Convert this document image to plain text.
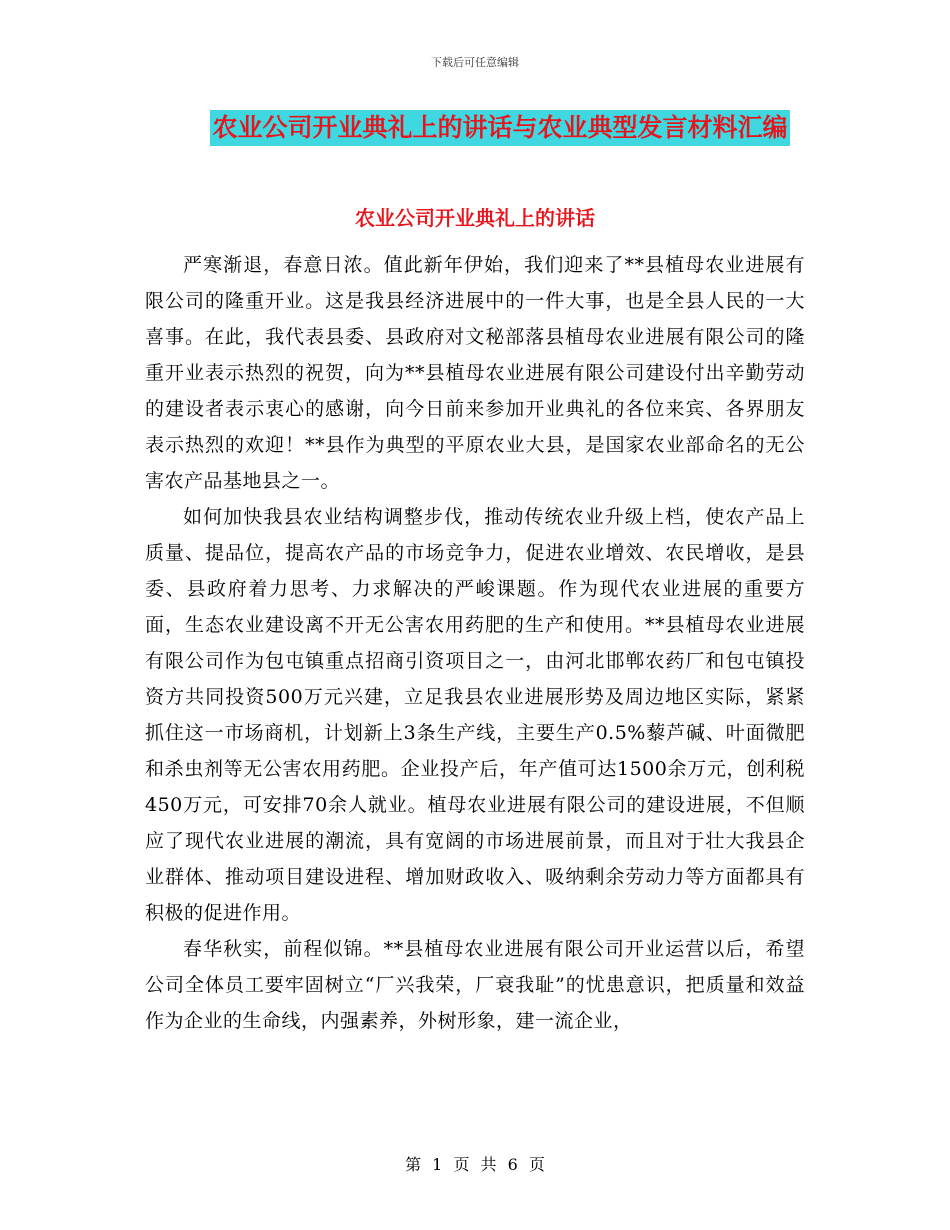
下载后可任意编辑
农业公司开业典礼上的讲话与农业典型发言材料汇编
农业公司开业典礼上的讲话

严寒渐退，春意日浓。值此新年伊始，我们迎来了**县植母农业进展有限公司的隆重开业。这是我县经济进展中的一件大事，也是全县人民的一大喜事。在此，我代表县委、县政府对文秘部落县植母农业进展有限公司的隆重开业表示热烈的祝贺，向为**县植母农业进展有限公司建设付出辛勤劳动的建设者表示衷心的感谢，向今日前来参加开业典礼的各位来宾、各界朋友表示热烈的欢迎！**县作为典型的平原农业大县，是国家农业部命名的无公害农产品基地县之一。

如何加快我县农业结构调整步伐，推动传统农业升级上档，使农产品上质量、提品位，提高农产品的市场竞争力，促进农业增效、农民增收，是县委、县政府着力思考、力求解决的严峻课题。作为现代农业进展的重要方面，生态农业建设离不开无公害农用药肥的生产和使用。**县植母农业进展有限公司作为包屯镇重点招商引资项目之一，由河北邯郸农药厂和包屯镇投资方共同投资500万元兴建，立足我县农业进展形势及周边地区实际，紧紧抓住这一市场商机，计划新上3条生产线，主要生产0.5%藜芦碱、叶面微肥和杀虫剂等无公害农用药肥。企业投产后，年产值可达1500余万元，创利税450万元，可安排70余人就业。植母农业进展有限公司的建设进展，不但顺应了现代农业进展的潮流，具有宽阔的市场进展前景，而且对于壮大我县企业群体、推动项目建设进程、增加财政收入、吸纳剩余劳动力等方面都具有积极的促进作用。

春华秋实，前程似锦。**县植母农业进展有限公司开业运营以后，希望公司全体员工要牢固树立“厂兴我荣，厂衰我耻”的忧患意识，把质量和效益作为企业的生命线，内强素养，外树形象，建一流企业，

第 1 页 共 6 页
